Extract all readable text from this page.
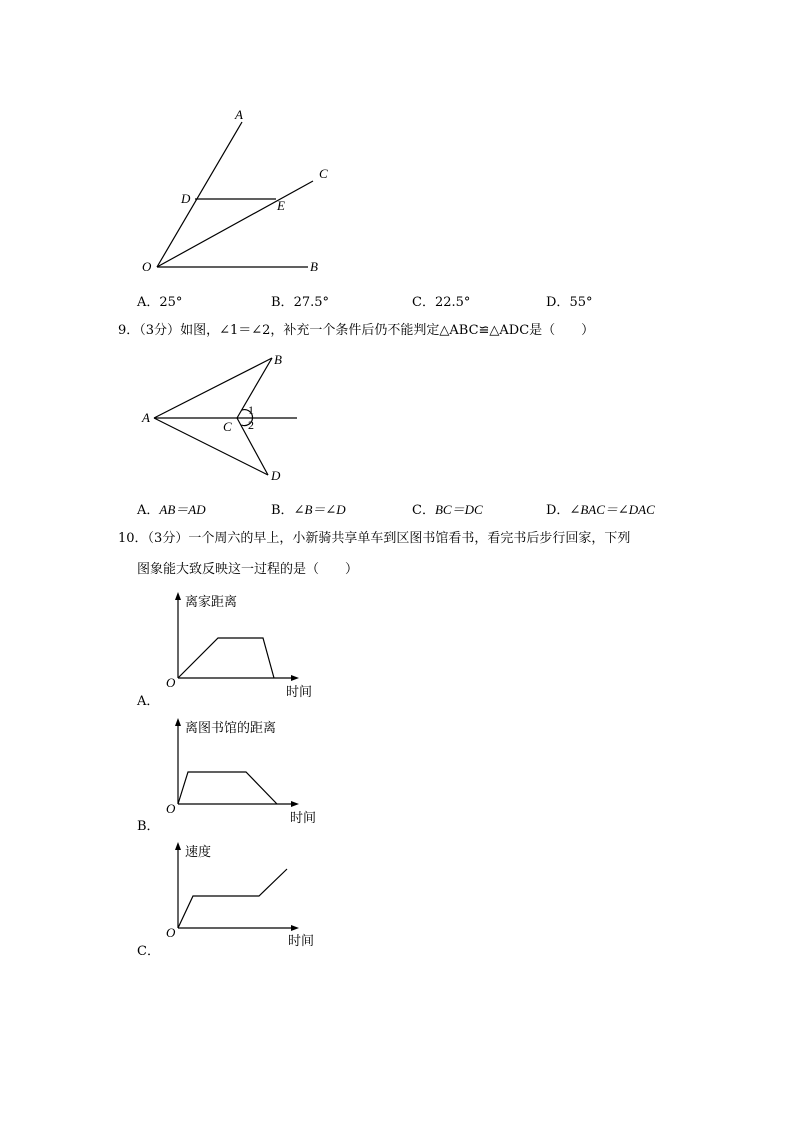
A
C
D	E
O	B
A．25°	B．27.5°	C．22.5°	D．55°
9．（3分）如图，∠1＝∠2，补充一个条件后仍不能判定△ABC≌△ADC是（　　）
A
B
C
D
1
2
A．AB＝AD	B．∠B＝∠D	C．BC＝DC	D．∠BAC＝∠DAC
10．（3分）一个周六的早上，小新骑共享单车到区图书馆看书，看完书后步行回家，下列
图象能大致反映这一过程的是（　　）
离家距离
时间
O
A．
离图书馆的距离
时间
O
B．
速度
时间
O
C．
